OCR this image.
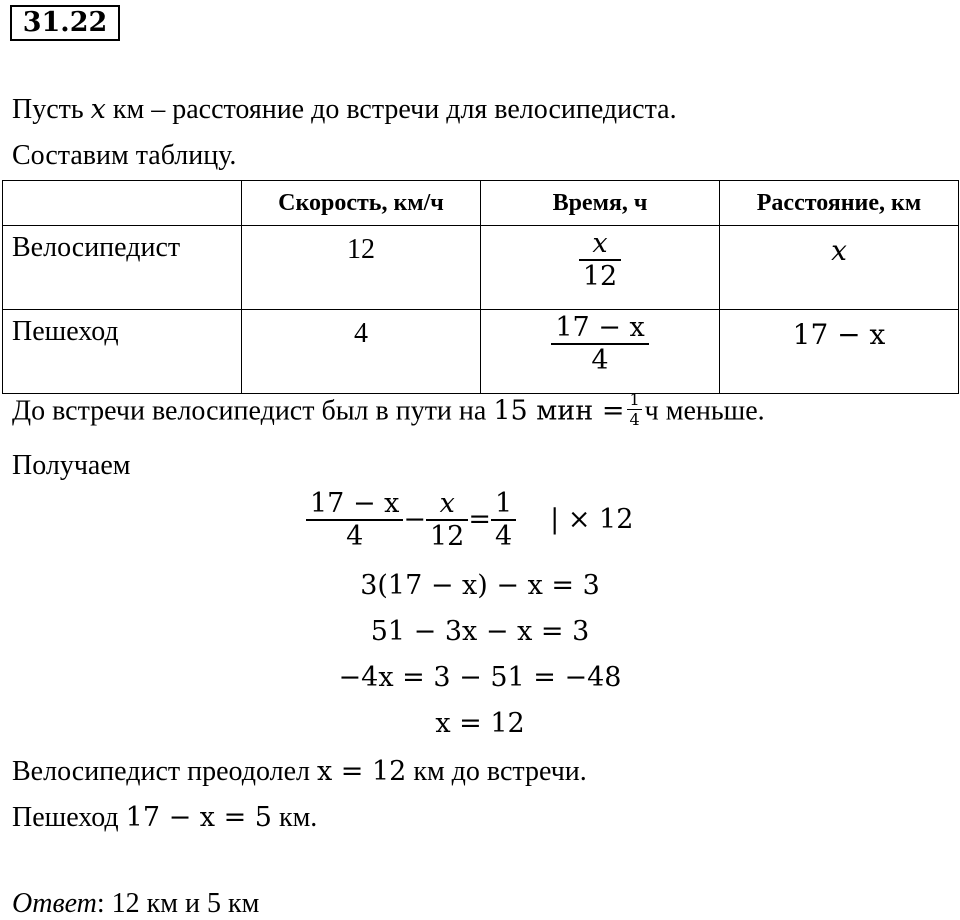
31.22
Пусть x км – расстояние до встречи для велосипедиста.
Составим таблицу.
	Скорость, км/ч	Время, ч	Расстояние, км
Велосипедист	12	$\frac{x}{12}$	x
Пешеход	4	$\frac{17 - x}{4}$	17 − x
До встречи велосипедист был в пути на 15 мин = $\frac{1}{4}$ ч меньше.
Получаем
$\frac{17 - x}{4} - \frac{x}{12} = \frac{1}{4}$ | × 12
3(17 − x) − x = 3
51 − 3x − x = 3
−4x = 3 − 51 = −48
x = 12
Велосипедист преодолел x = 12 км до встречи.
Пешеход 17 − x = 5 км.
Ответ: 12 км и 5 км
